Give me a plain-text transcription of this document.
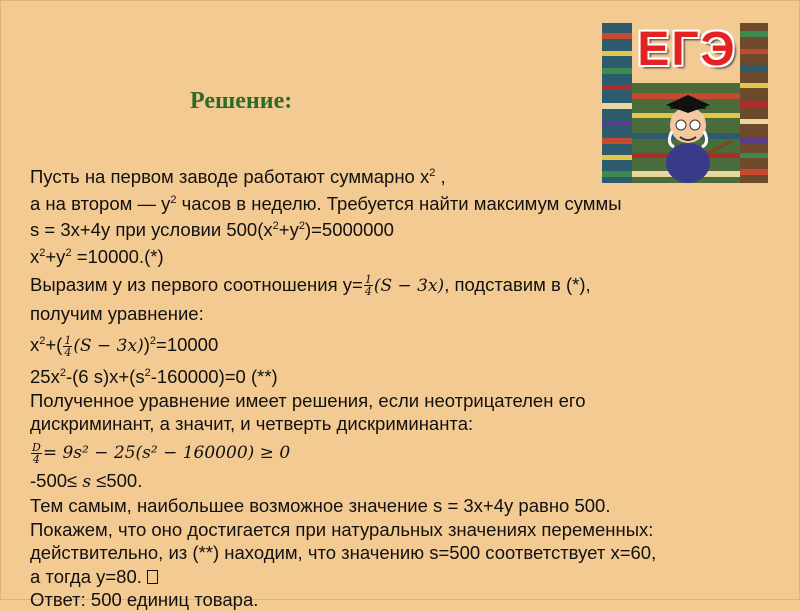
ЕГЭ
Решение:
Пусть на первом заводе работают суммарно $x^2$ ,
а на втором — $y^2$ часов в неделю. Требуется найти максимум суммы
s = 3x+4y при условии $500(x^2+y^2)=5000000$
$x^2+y^2 =10000.(*)$
Выразим y из первого соотношения $y= \frac{1}{4} (S - 3x)$, подставим в (*),
получим уравнение:
$x^2+( \frac{1}{4} (S - 3x))^2=10000$
$25x^2-(6$ $s)x+(s^2-160000)=0$ (**)
Полученное уравнение имеет решения, если неотрицателен его
дискриминант, а значит, и четверть дискриминанта:
$\frac{D}{4} = 9s^2 - 25(s^2 - 160000) \ge 0$
-500≤ s ≤500.
Тем самым, наибольшее возможное значение s = 3x+4y равно 500.
Покажем, что оно достигается при натуральных значениях переменных:
действительно, из (**) находим, что значению s=500 соответствует x=60,
а тогда y=80.
Ответ: 500 единиц товара.
